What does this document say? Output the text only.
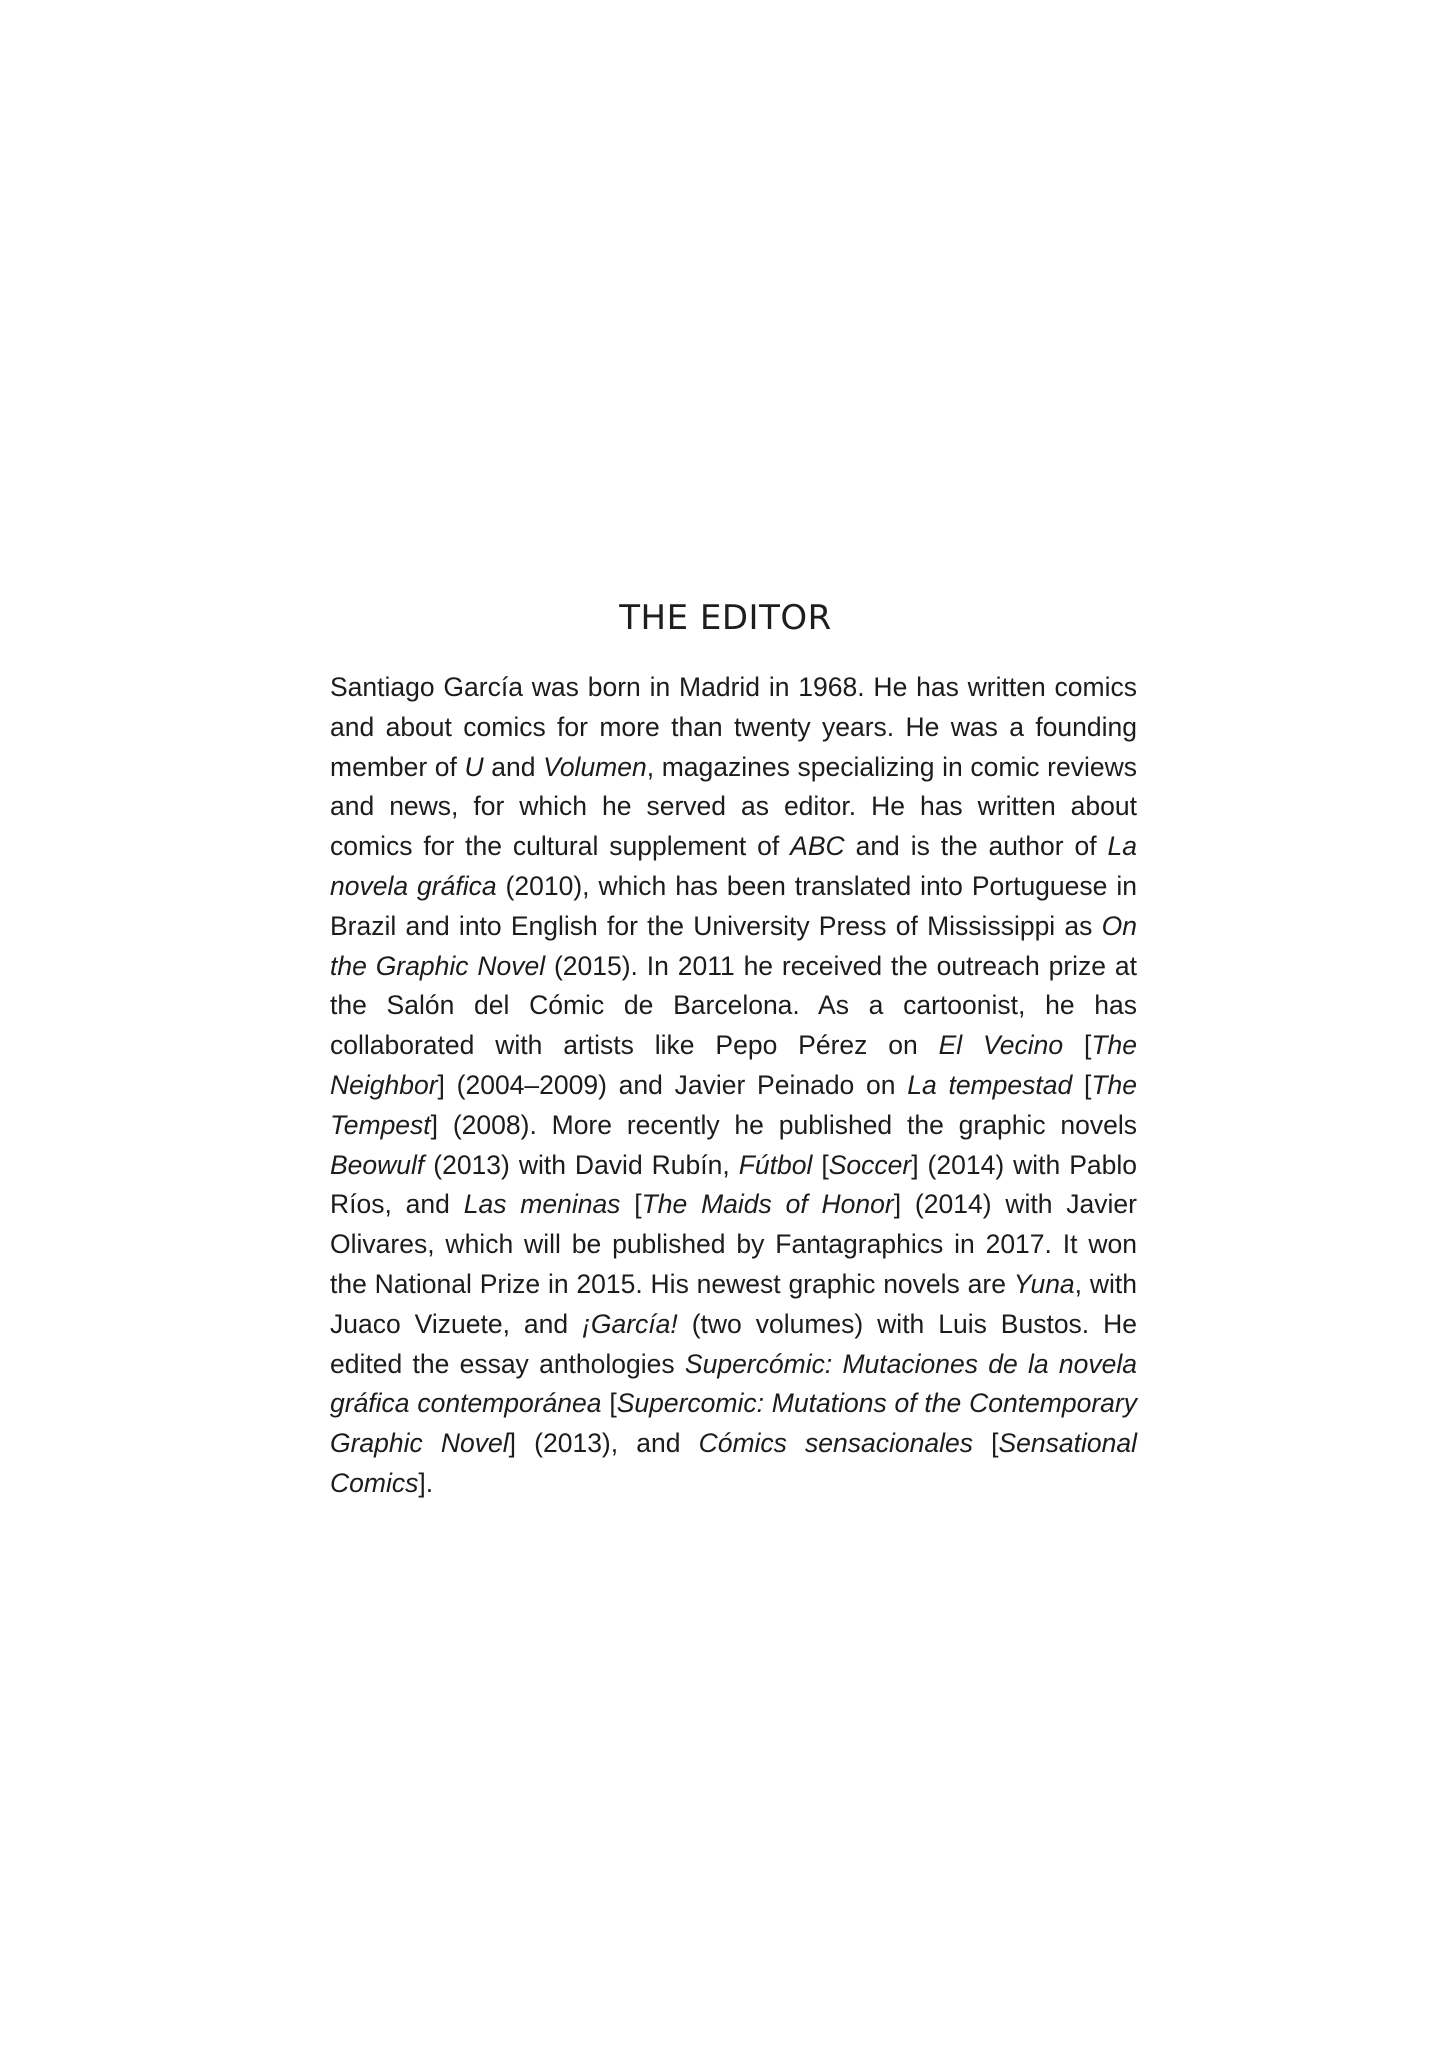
THE EDITOR

Santiago García was born in Madrid in 1968. He has written comics and about comics for more than twenty years. He was a founding member of U and Volumen, magazines specializing in comic reviews and news, for which he served as editor. He has written about comics for the cultural supplement of ABC and is the author of La novela gráfica (2010), which has been translated into Portuguese in Brazil and into English for the University Press of Mississippi as On the Graphic Novel (2015). In 2011 he received the outreach prize at the Salón del Cómic de Barcelona. As a cartoonist, he has collaborated with artists like Pepo Pérez on El Vecino [The Neighbor] (2004–2009) and Javier Peinado on La tempestad [The Tempest] (2008). More recently he published the graphic novels Beowulf (2013) with David Rubín, Fútbol [Soccer] (2014) with Pablo Ríos, and Las meninas [The Maids of Honor] (2014) with Javier Olivares, which will be published by Fantagraphics in 2017. It won the National Prize in 2015. His newest graphic novels are Yuna, with Juaco Vizuete, and ¡García! (two volumes) with Luis Bustos. He edited the essay anthologies Supercómic: Mutaciones de la novela gráfica contemporánea [Supercomic: Mutations of the Contemporary Graphic Novel] (2013), and Cómics sensacionales [Sensational Comics].
